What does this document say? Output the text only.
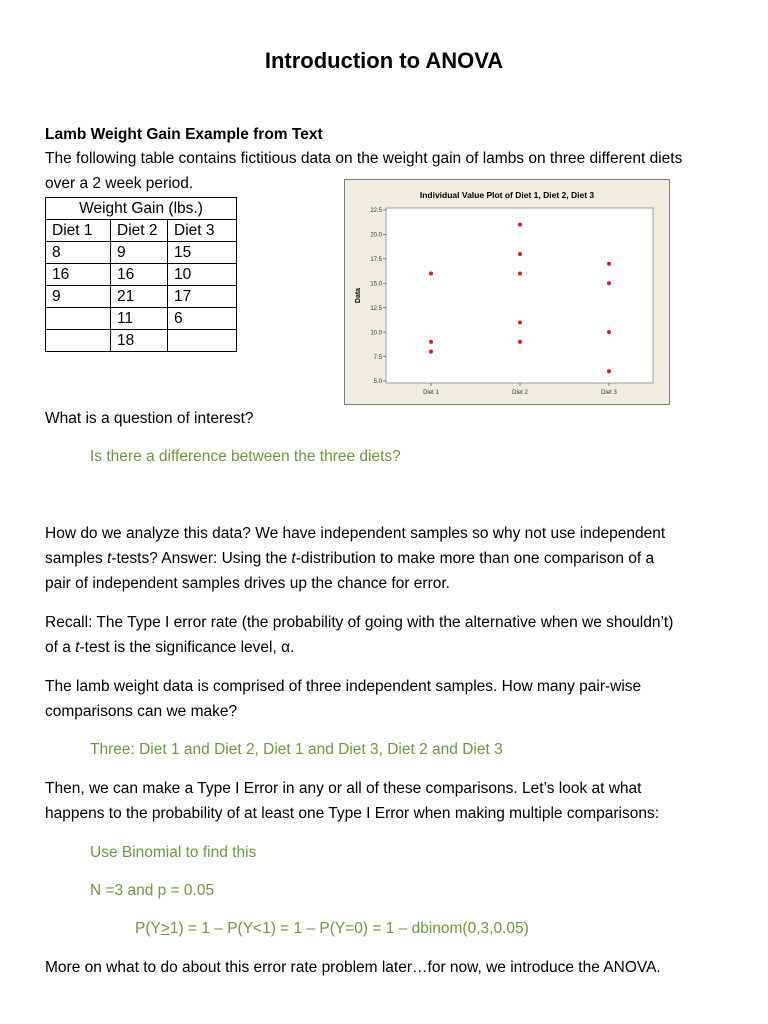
Introduction to ANOVA
Lamb Weight Gain Example from Text
The following table contains fictitious data on the weight gain of lambs on three different diets
over a 2 week period.
Weight Gain (lbs.)		
Diet 1	Diet 2	Diet 3
8	9	15
16	16	10
9	21	17
	11	6
	18	
Individual Value Plot of Diet 1, Diet 2, Diet 3
5.0
7.5
10.0
12.5
15.0
17.5
20.0
22.5
Data
Diet 1	Diet 2	Diet 3
What is a question of interest?
Is there a difference between the three diets?
How do we analyze this data? We have independent samples so why not use independent
samples t-tests? Answer: Using the t-distribution to make more than one comparison of a
pair of independent samples drives up the chance for error.
Recall: The Type I error rate (the probability of going with the alternative when we shouldn’t)
of a t-test is the significance level, α.
The lamb weight data is comprised of three independent samples. How many pair-wise
comparisons can we make?
Three: Diet 1 and Diet 2, Diet 1 and Diet 3, Diet 2 and Diet 3
Then, we can make a Type I Error in any or all of these comparisons. Let’s look at what
happens to the probability of at least one Type I Error when making multiple comparisons:
Use Binomial to find this
N =3 and p = 0.05
P(Y>1) = 1 – P(Y<1) = 1 – P(Y=0) = 1 – dbinom(0,3,0.05)
More on what to do about this error rate problem later…for now, we introduce the ANOVA.
